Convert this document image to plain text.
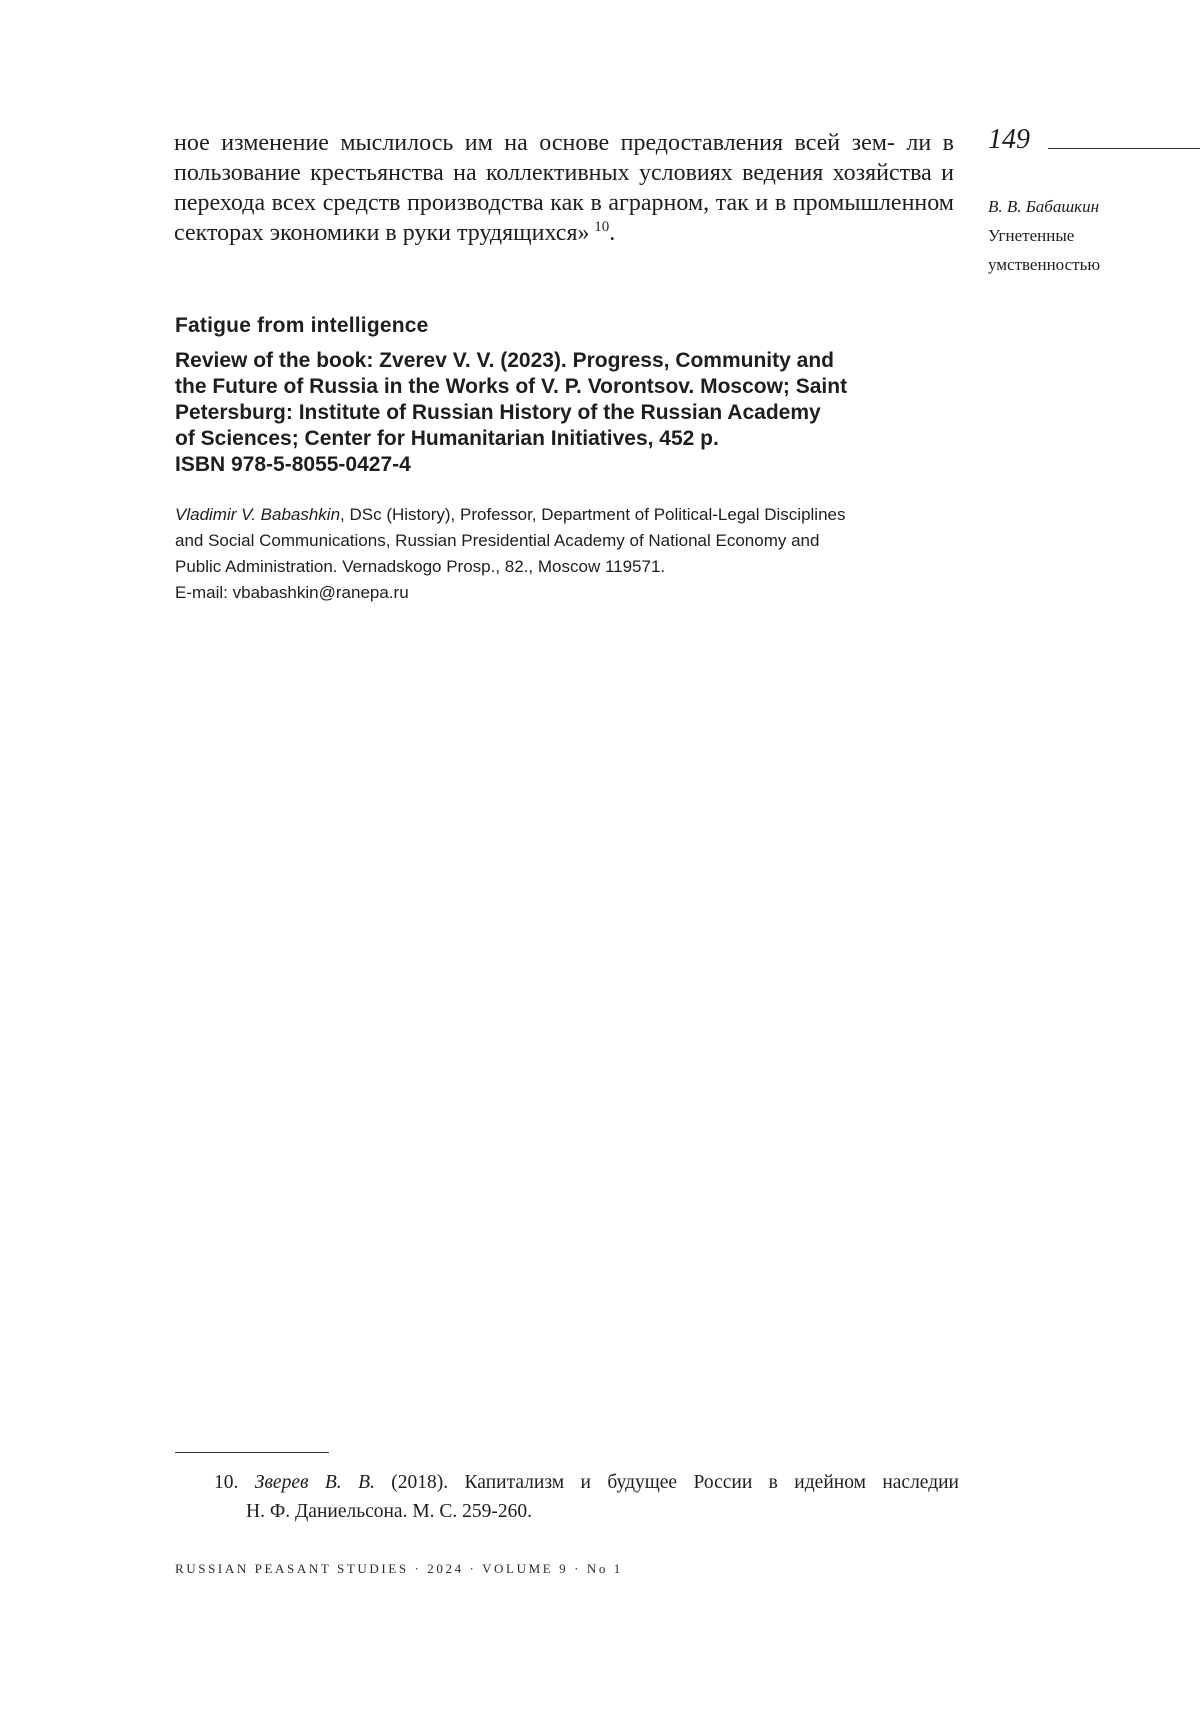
ное изменение мыслилось им на основе предоставления всей зем- ли в пользование крестьянства на коллективных условиях ведения хозяйства и перехода всех средств производства как в аграрном, так и в промышленном секторах экономики в руки трудящихся»  $^{10}$.

149
В. В. Бабашкин
Угнетенные
умственностью
Fatigue from intelligence
Review of the book: Zverev V. V. (2023). Progress, Community and
the Future of Russia in the Works of V. P. Vorontsov. Moscow; Saint
Petersburg: Institute of Russian History of the Russian Academy
of Sciences; Center for Humanitarian Initiatives, 452 p.
ISBN 978-5-8055-0427-4
Vladimir V. Babashkin, DSc (History), Professor, Department of Political-Legal Disciplines
and Social Communications, Russian Presidential Academy of National Economy and
Public Administration. Vernadskogo Prosp., 82., Moscow 119571.
E-mail: vbabashkin@ranepa.ru
10. Зверев В. В. (2018). Капитализм и будущее России в идейном наследии
Н. Ф. Даниельсона. М. С. 259-260.
RUSSIAN PEASANT STUDIES · 2024 · VOLUME 9 · No 1
